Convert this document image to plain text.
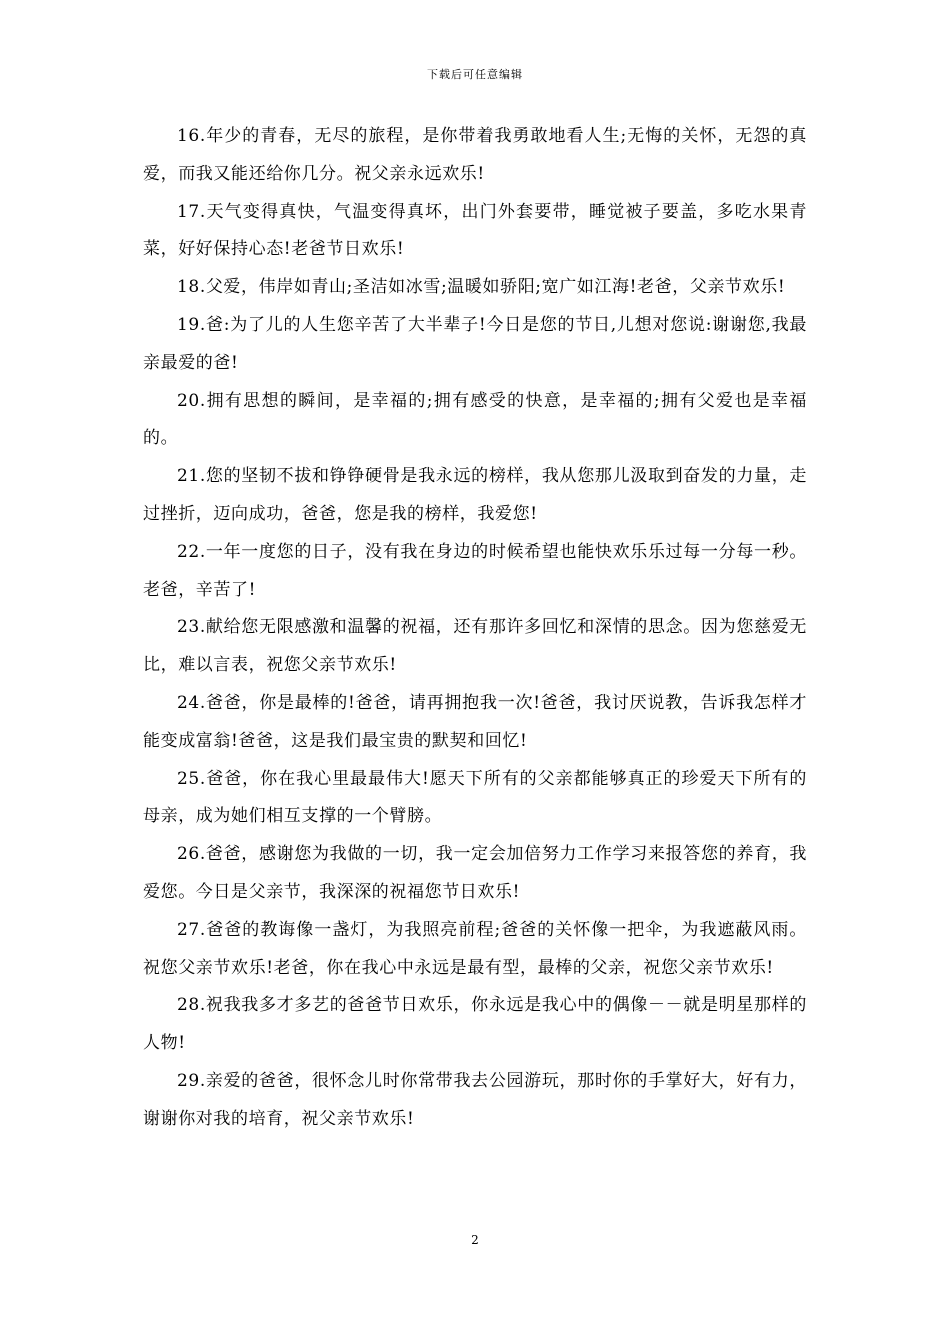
下载后可任意编辑

16.年少的青春，无尽的旅程，是你带着我勇敢地看人生;无悔的关怀，无怨的真爱，而我又能还给你几分。祝父亲永远欢乐!

17.天气变得真快，气温变得真坏，出门外套要带，睡觉被子要盖，多吃水果青菜，好好保持心态!老爸节日欢乐!

18.父爱，伟岸如青山;圣洁如冰雪;温暖如骄阳;宽广如江海!老爸，父亲节欢乐!

19.爸:为了儿的人生您辛苦了大半辈子!今日是您的节日,儿想对您说:谢谢您,我最亲最爱的爸!

20.拥有思想的瞬间，是幸福的;拥有感受的快意，是幸福的;拥有父爱也是幸福的。

21.您的坚韧不拔和铮铮硬骨是我永远的榜样，我从您那儿汲取到奋发的力量，走过挫折，迈向成功，爸爸，您是我的榜样，我爱您!

22.一年一度您的日子，没有我在身边的时候希望也能快欢乐乐过每一分每一秒。老爸，辛苦了!

23.献给您无限感激和温馨的祝福，还有那许多回忆和深情的思念。因为您慈爱无比，难以言表，祝您父亲节欢乐!

24.爸爸，你是最棒的!爸爸，请再拥抱我一次!爸爸，我讨厌说教，告诉我怎样才能变成富翁!爸爸，这是我们最宝贵的默契和回忆!

25.爸爸，你在我心里最最伟大!愿天下所有的父亲都能够真正的珍爱天下所有的母亲，成为她们相互支撑的一个臂膀。

26.爸爸，感谢您为我做的一切，我一定会加倍努力工作学习来报答您的养育，我爱您。今日是父亲节，我深深的祝福您节日欢乐!

27.爸爸的教诲像一盏灯，为我照亮前程;爸爸的关怀像一把伞，为我遮蔽风雨。祝您父亲节欢乐!老爸，你在我心中永远是最有型，最棒的父亲，祝您父亲节欢乐!

28.祝我我多才多艺的爸爸节日欢乐，你永远是我心中的偶像－－就是明星那样的人物!

29.亲爱的爸爸，很怀念儿时你常带我去公园游玩，那时你的手掌好大，好有力，谢谢你对我的培育，祝父亲节欢乐!

2
